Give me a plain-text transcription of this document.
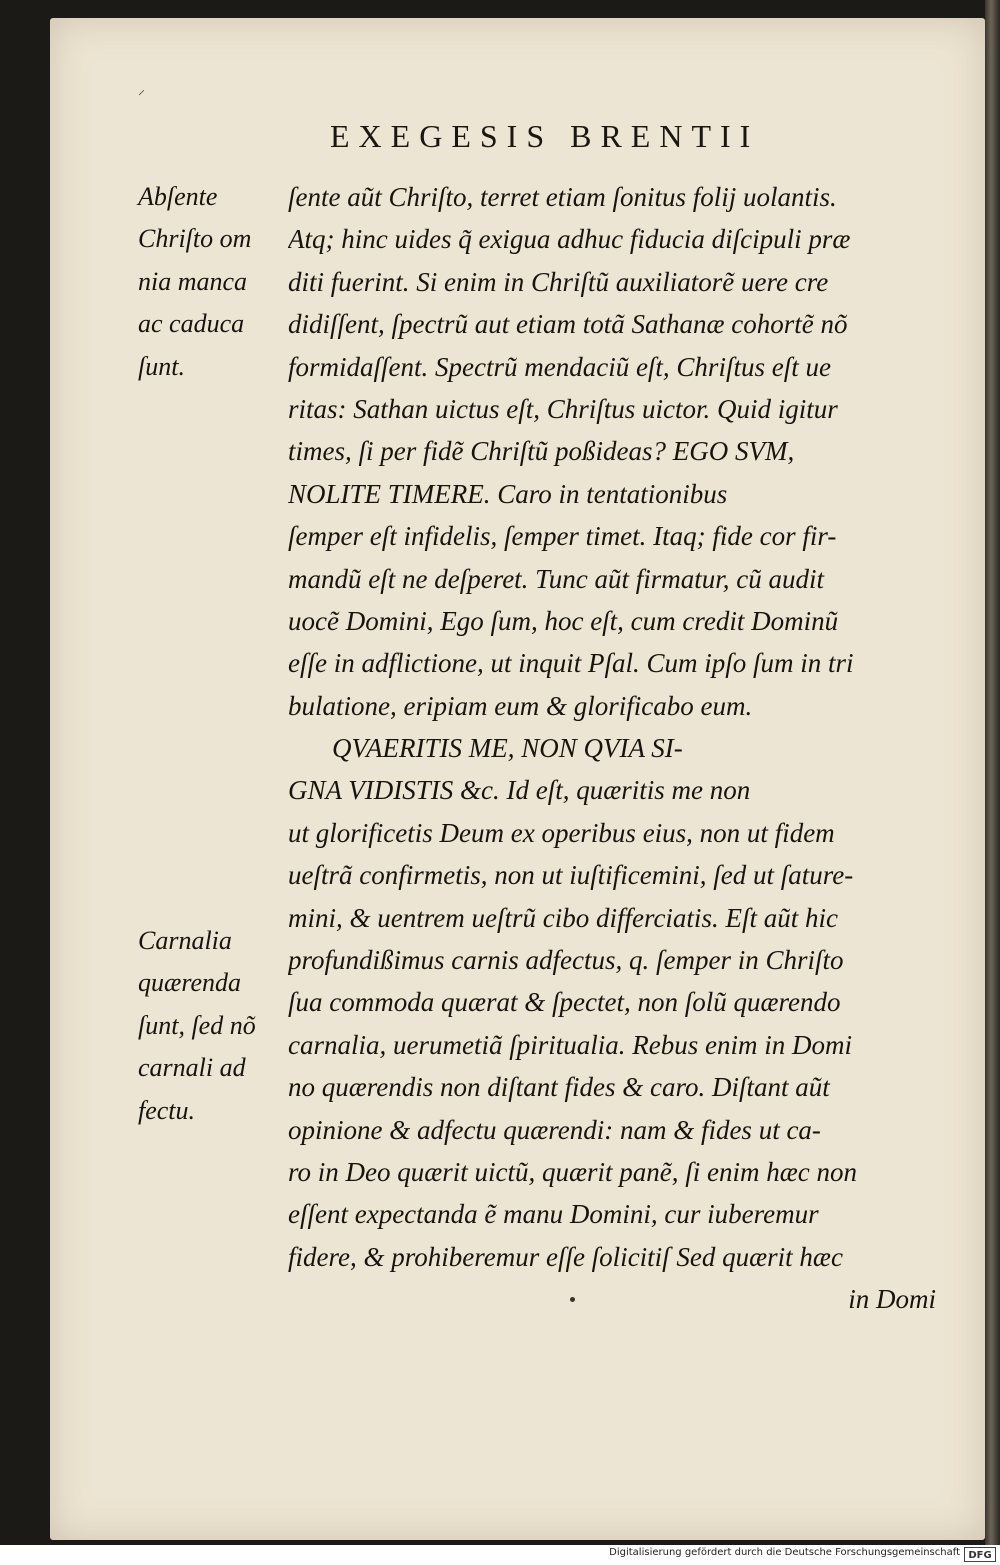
⸍
EXEGESIS BRENTII
Abſente
Chriſto om
nia manca
ac caduca
ſunt.
Carnalia
quærenda
ſunt, ſed nõ
carnali ad
fectu.
ſente aũt Chriſto, terret etiam ſonitus folij uolantis.
Atq; hinc uides q̃ exigua adhuc fiducia diſcipuli præ
diti fuerint. Si enim in Chriſtũ auxiliatorẽ uere cre
didiſſent, ſpectrũ aut etiam totã Sathanæ cohortẽ nõ
formidaſſent. Spectrũ mendaciũ eſt, Chriſtus eſt ue
ritas: Sathan uictus eſt, Chriſtus uictor. Quid igitur
times, ſi per fidẽ Chriſtũ poßideas? EGO SVM,
NOLITE TIMERE. Caro in tentationibus
ſemper eſt infidelis, ſemper timet. Itaq; fide cor fir-
mandũ eſt ne deſperet. Tunc aũt firmatur, cũ audit
uocẽ Domini, Ego ſum, hoc eſt, cum credit Dominũ
eſſe in adflictione, ut inquit Pſal. Cum ipſo ſum in tri
bulatione, eripiam eum & glorificabo eum.
QVAERITIS ME, NON QVIA SI-
GNA VIDISTIS &c. Id eſt, quæritis me non
ut glorificetis Deum ex operibus eius, non ut fidem
ueſtrã confirmetis, non ut iuſtificemini, ſed ut ſature-
mini, & uentrem ueſtrũ cibo differciatis. Eſt aũt hic
profundißimus carnis adfectus, q. ſemper in Chriſto
ſua commoda quærat & ſpectet, non ſolũ quærendo
carnalia, uerumetiã ſpiritualia. Rebus enim in Domi
no quærendis non diſtant fides & caro. Diſtant aũt
opinione & adfectu quærendi: nam & fides ut ca-
ro in Deo quærit uictũ, quærit panẽ, ſi enim hæc non
eſſent expectanda ẽ manu Domini, cur iuberemur
fidere, & prohiberemur eſſe ſolicitiſ Sed quærit hæc
in Domi
Digitalisierung gefördert durch die Deutsche Forschungsgemeinschaft DFG
